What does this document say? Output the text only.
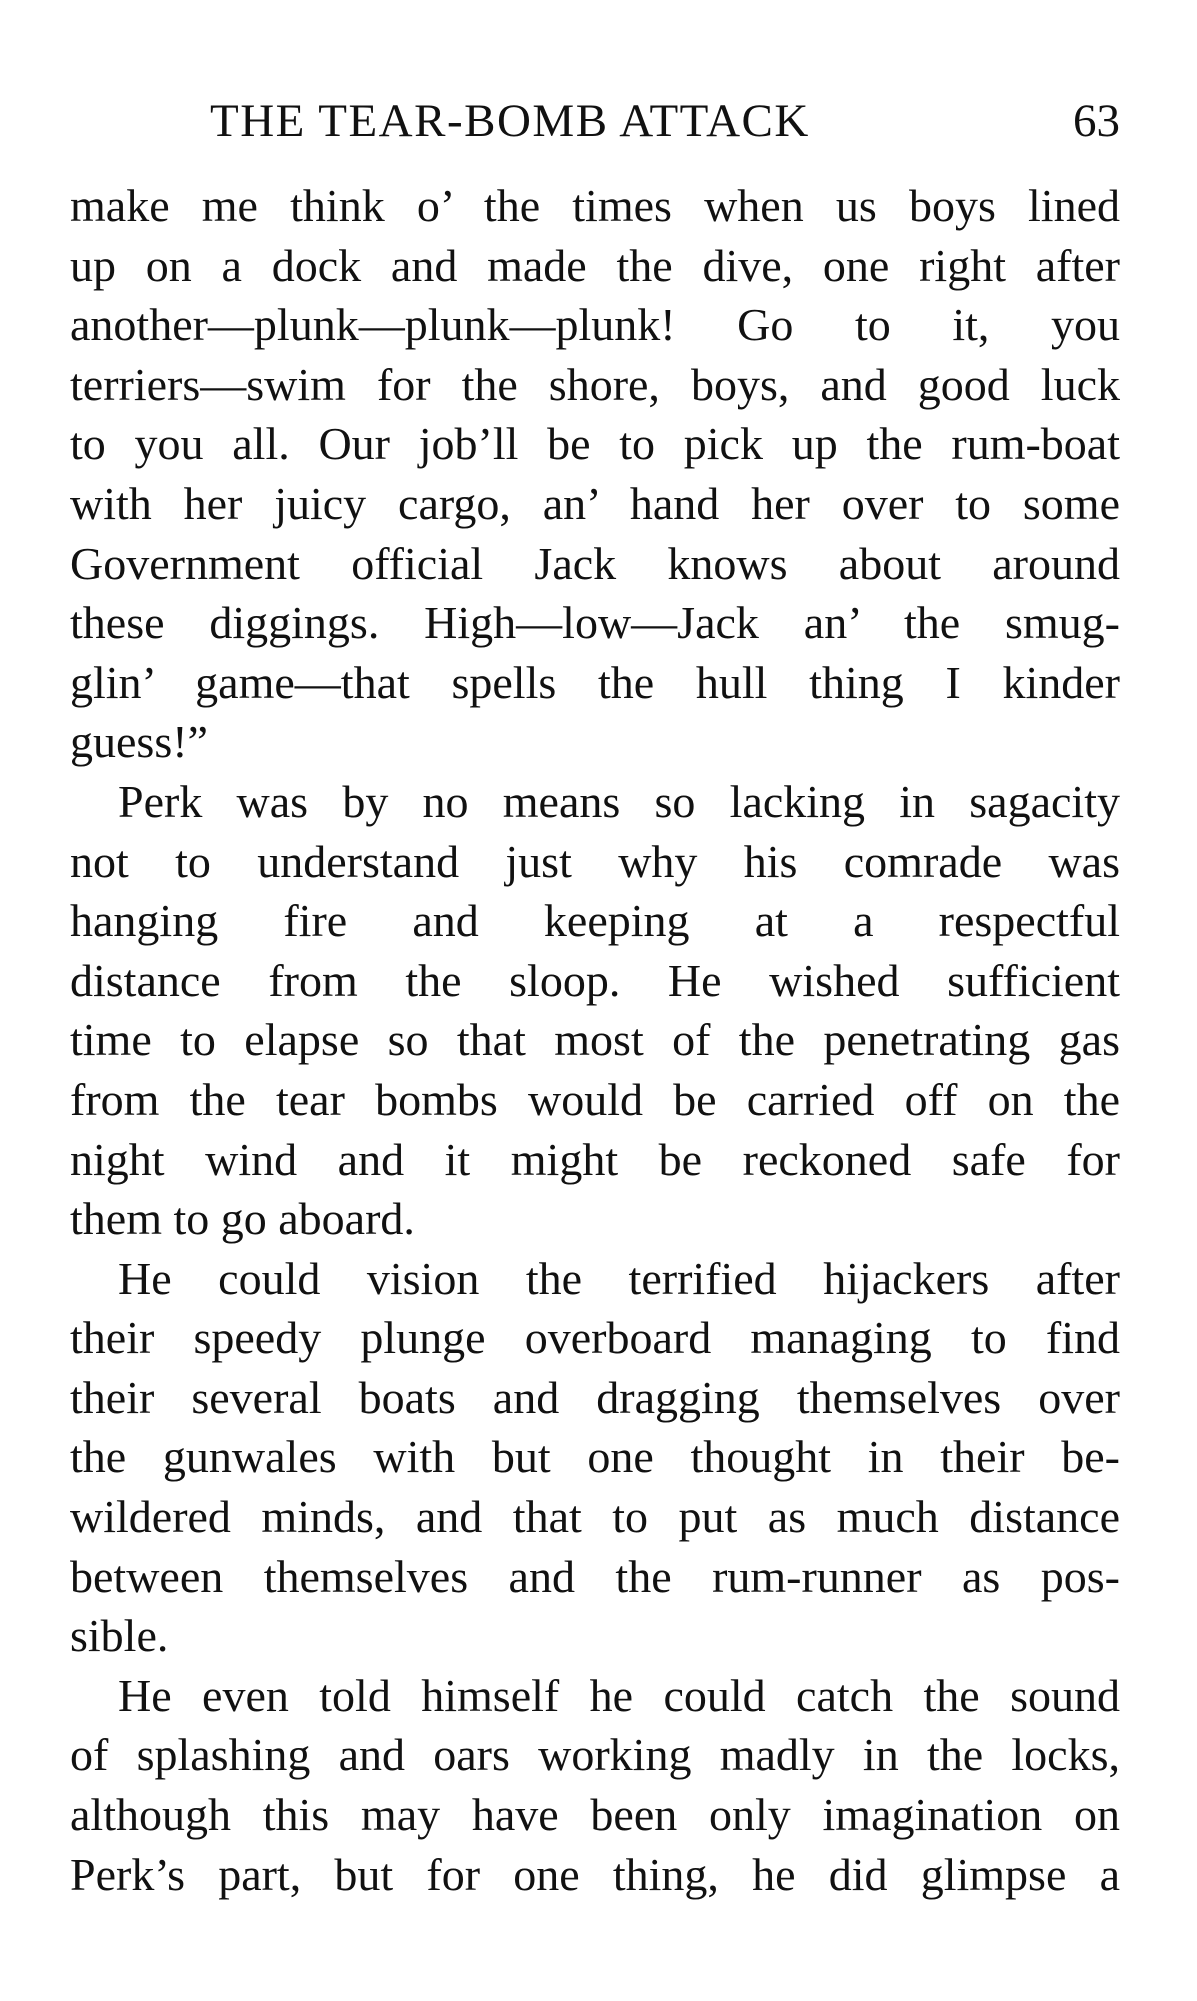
THE TEAR-BOMB ATTACK	63
make me think o’ the times when us boys lined
up on a dock and made the dive, one right after
another—plunk—plunk—plunk! Go to it, you
terriers—swim for the shore, boys, and good luck
to you all. Our job’ll be to pick up the rum-boat
with her juicy cargo, an’ hand her over to some
Government official Jack knows about around
these diggings. High—low—Jack an’ the smug-
glin’ game—that spells the hull thing I kinder
guess!”
Perk was by no means so lacking in sagacity
not to understand just why his comrade was
hanging fire and keeping at a respectful
distance from the sloop. He wished sufficient
time to elapse so that most of the penetrating gas
from the tear bombs would be carried off on the
night wind and it might be reckoned safe for
them to go aboard.
He could vision the terrified hijackers after
their speedy plunge overboard managing to find
their several boats and dragging themselves over
the gunwales with but one thought in their be-
wildered minds, and that to put as much distance
between themselves and the rum-runner as pos-
sible.
He even told himself he could catch the sound
of splashing and oars working madly in the locks,
although this may have been only imagination on
Perk’s part, but for one thing, he did glimpse a
